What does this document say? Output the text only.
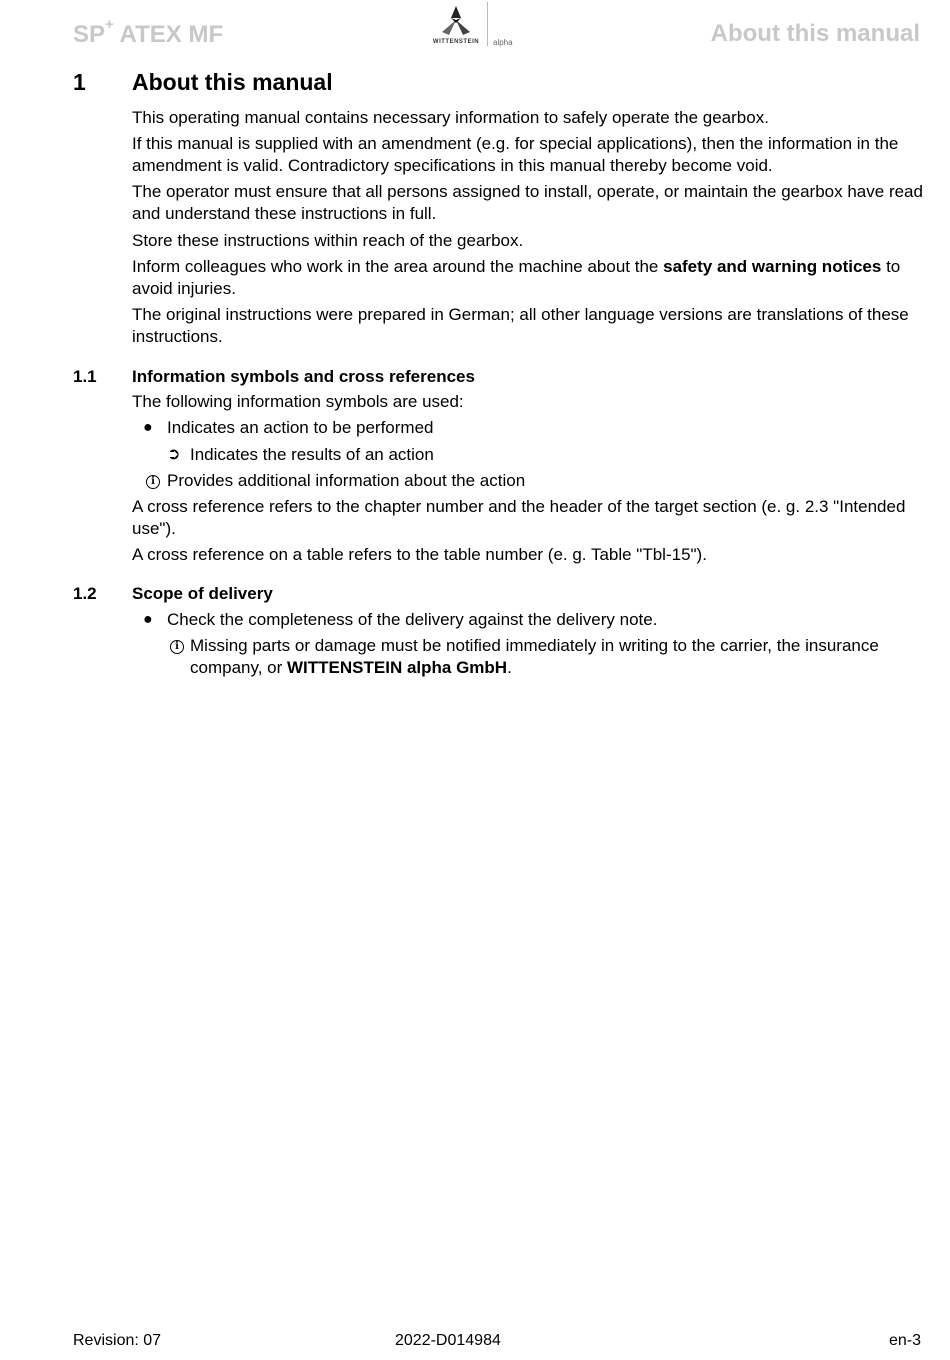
SP+ ATEX MF	WITTENSTEIN	alpha	About this manual
1 About this manual
This operating manual contains necessary information to safely operate the gearbox.
If this manual is supplied with an amendment (e.g. for special applications), then the information in the amendment is valid. Contradictory specifications in this manual thereby become void.
The operator must ensure that all persons assigned to install, operate, or maintain the gearbox have read and understand these instructions in full.
Store these instructions within reach of the gearbox.
Inform colleagues who work in the area around the machine about the safety and warning notices to avoid injuries.
The original instructions were prepared in German; all other language versions are translations of these instructions.
1.1 Information symbols and cross references
The following information symbols are used:
● Indicates an action to be performed
➲ Indicates the results of an action
i Provides additional information about the action
A cross reference refers to the chapter number and the header of the target section (e. g. 2.3 "Intended use").
A cross reference on a table refers to the table number (e. g. Table "Tbl-15").
1.2 Scope of delivery
● Check the completeness of the delivery against the delivery note.
i Missing parts or damage must be notified immediately in writing to the carrier, the insurance company, or WITTENSTEIN alpha GmbH.
Revision: 07	2022-D014984	en-3
